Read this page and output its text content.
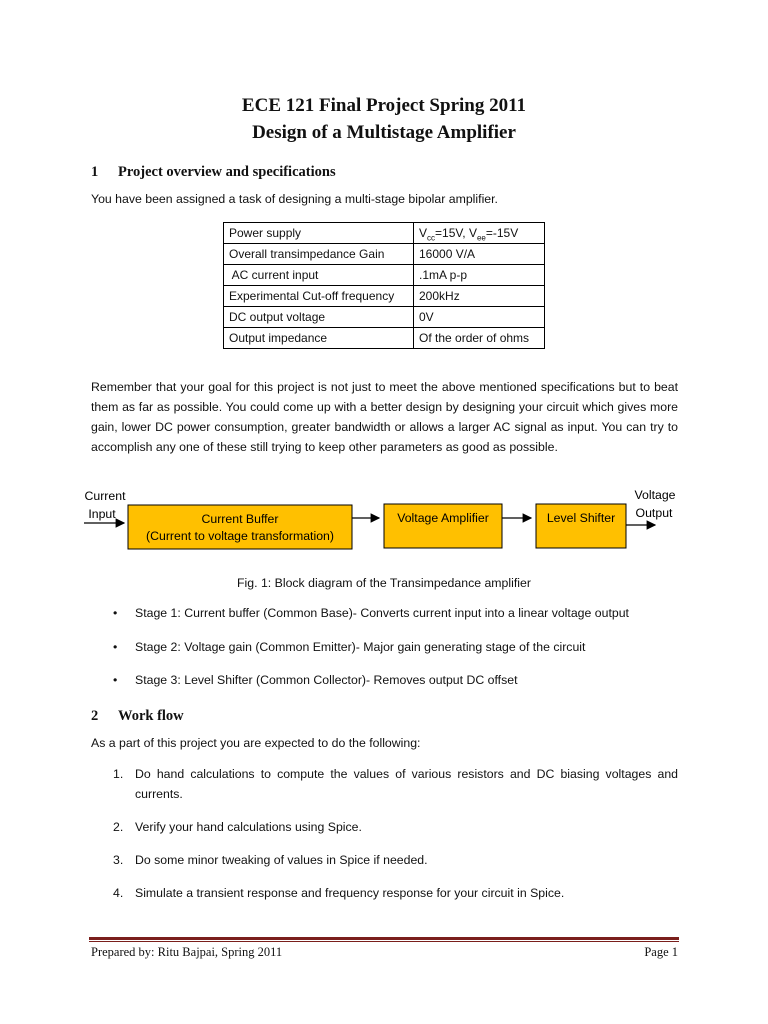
ECE 121 Final Project Spring 2011
Design of a Multistage Amplifier
1 Project overview and specifications
You have been assigned a task of designing a multi-stage bipolar amplifier.
Power supply	$V_{cc}=15V$, $V_{ee}=-15V$
Overall transimpedance Gain	16000 V/A
AC current input	.1mA p-p
Experimental Cut-off frequency	200kHz
DC output voltage	0V
Output impedance	Of the order of ohms
Remember that your goal for this project is not just to meet the above mentioned specifications but to beat them as far as possible. You could come up with a better design by designing your circuit which gives more gain, lower DC power consumption, greater bandwidth or allows a larger AC signal as input. You can try to accomplish any one of these still trying to keep other parameters as good as possible.
Current
Input	Current Buffer
(Current to voltage transformation)
Voltage Amplifier	Level Shifter
Voltage
Output
Fig. 1: Block diagram of the Transimpedance amplifier
• Stage 1: Current buffer (Common Base)- Converts current input into a linear voltage output
• Stage 2: Voltage gain (Common Emitter)- Major gain generating stage of the circuit
• Stage 3: Level Shifter (Common Collector)- Removes output DC offset
2 Work flow
As a part of this project you are expected to do the following:
1. Do hand calculations to compute the values of various resistors and DC biasing voltages and currents.
2. Verify your hand calculations using Spice.
3. Do some minor tweaking of values in Spice if needed.
4. Simulate a transient response and frequency response for your circuit in Spice.
Prepared by: Ritu Bajpai, Spring 2011	Page 1
